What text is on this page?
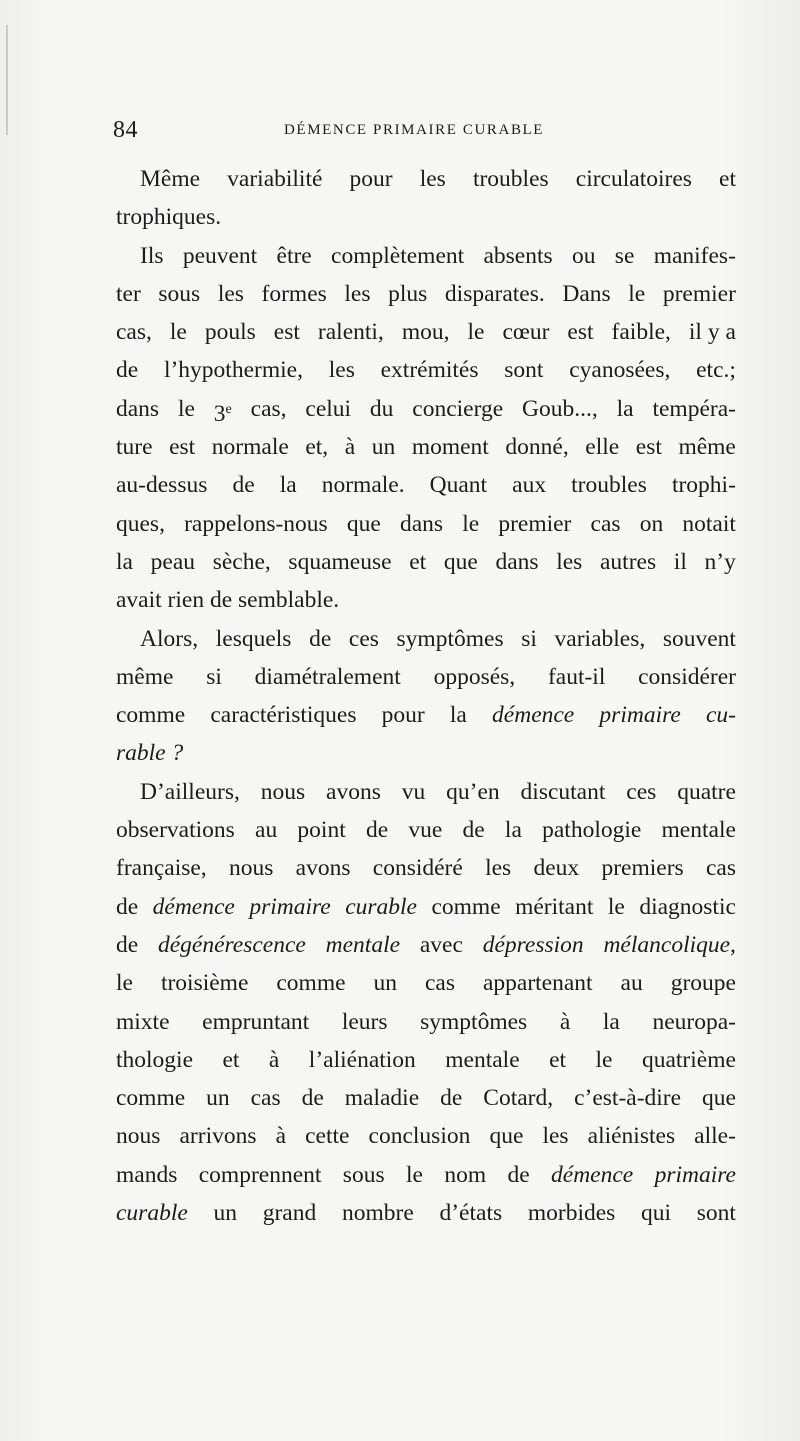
84	DÉMENCE PRIMAIRE CURABLE
Même variabilité pour les troubles circulatoires et
trophiques.
Ils peuvent être complètement absents ou se manifes-
ter sous les formes les plus disparates. Dans le premier
cas, le pouls est ralenti, mou, le cœur est faible, il y a
de l’hypothermie, les extrémités sont cyanosées, etc.;
dans le 3e cas, celui du concierge Goub..., la tempéra-
ture est normale et, à un moment donné, elle est même
au-dessus de la normale. Quant aux troubles trophi-
ques, rappelons-nous que dans le premier cas on notait
la peau sèche, squameuse et que dans les autres il n’y
avait rien de semblable.
Alors, lesquels de ces symptômes si variables, souvent
même si diamétralement opposés, faut-il considérer
comme caractéristiques pour la démence primaire cu-
rable ?
D’ailleurs, nous avons vu qu’en discutant ces quatre
observations au point de vue de la pathologie mentale
française, nous avons considéré les deux premiers cas
de démence primaire curable comme méritant le diagnostic
de dégénérescence mentale avec dépression mélancolique,
le troisième comme un cas appartenant au groupe
mixte empruntant leurs symptômes à la neuropa-
thologie et à l’aliénation mentale et le quatrième
comme un cas de maladie de Cotard, c’est-à-dire que
nous arrivons à cette conclusion que les aliénistes alle-
mands comprennent sous le nom de démence primaire
curable un grand nombre d’états morbides qui sont
